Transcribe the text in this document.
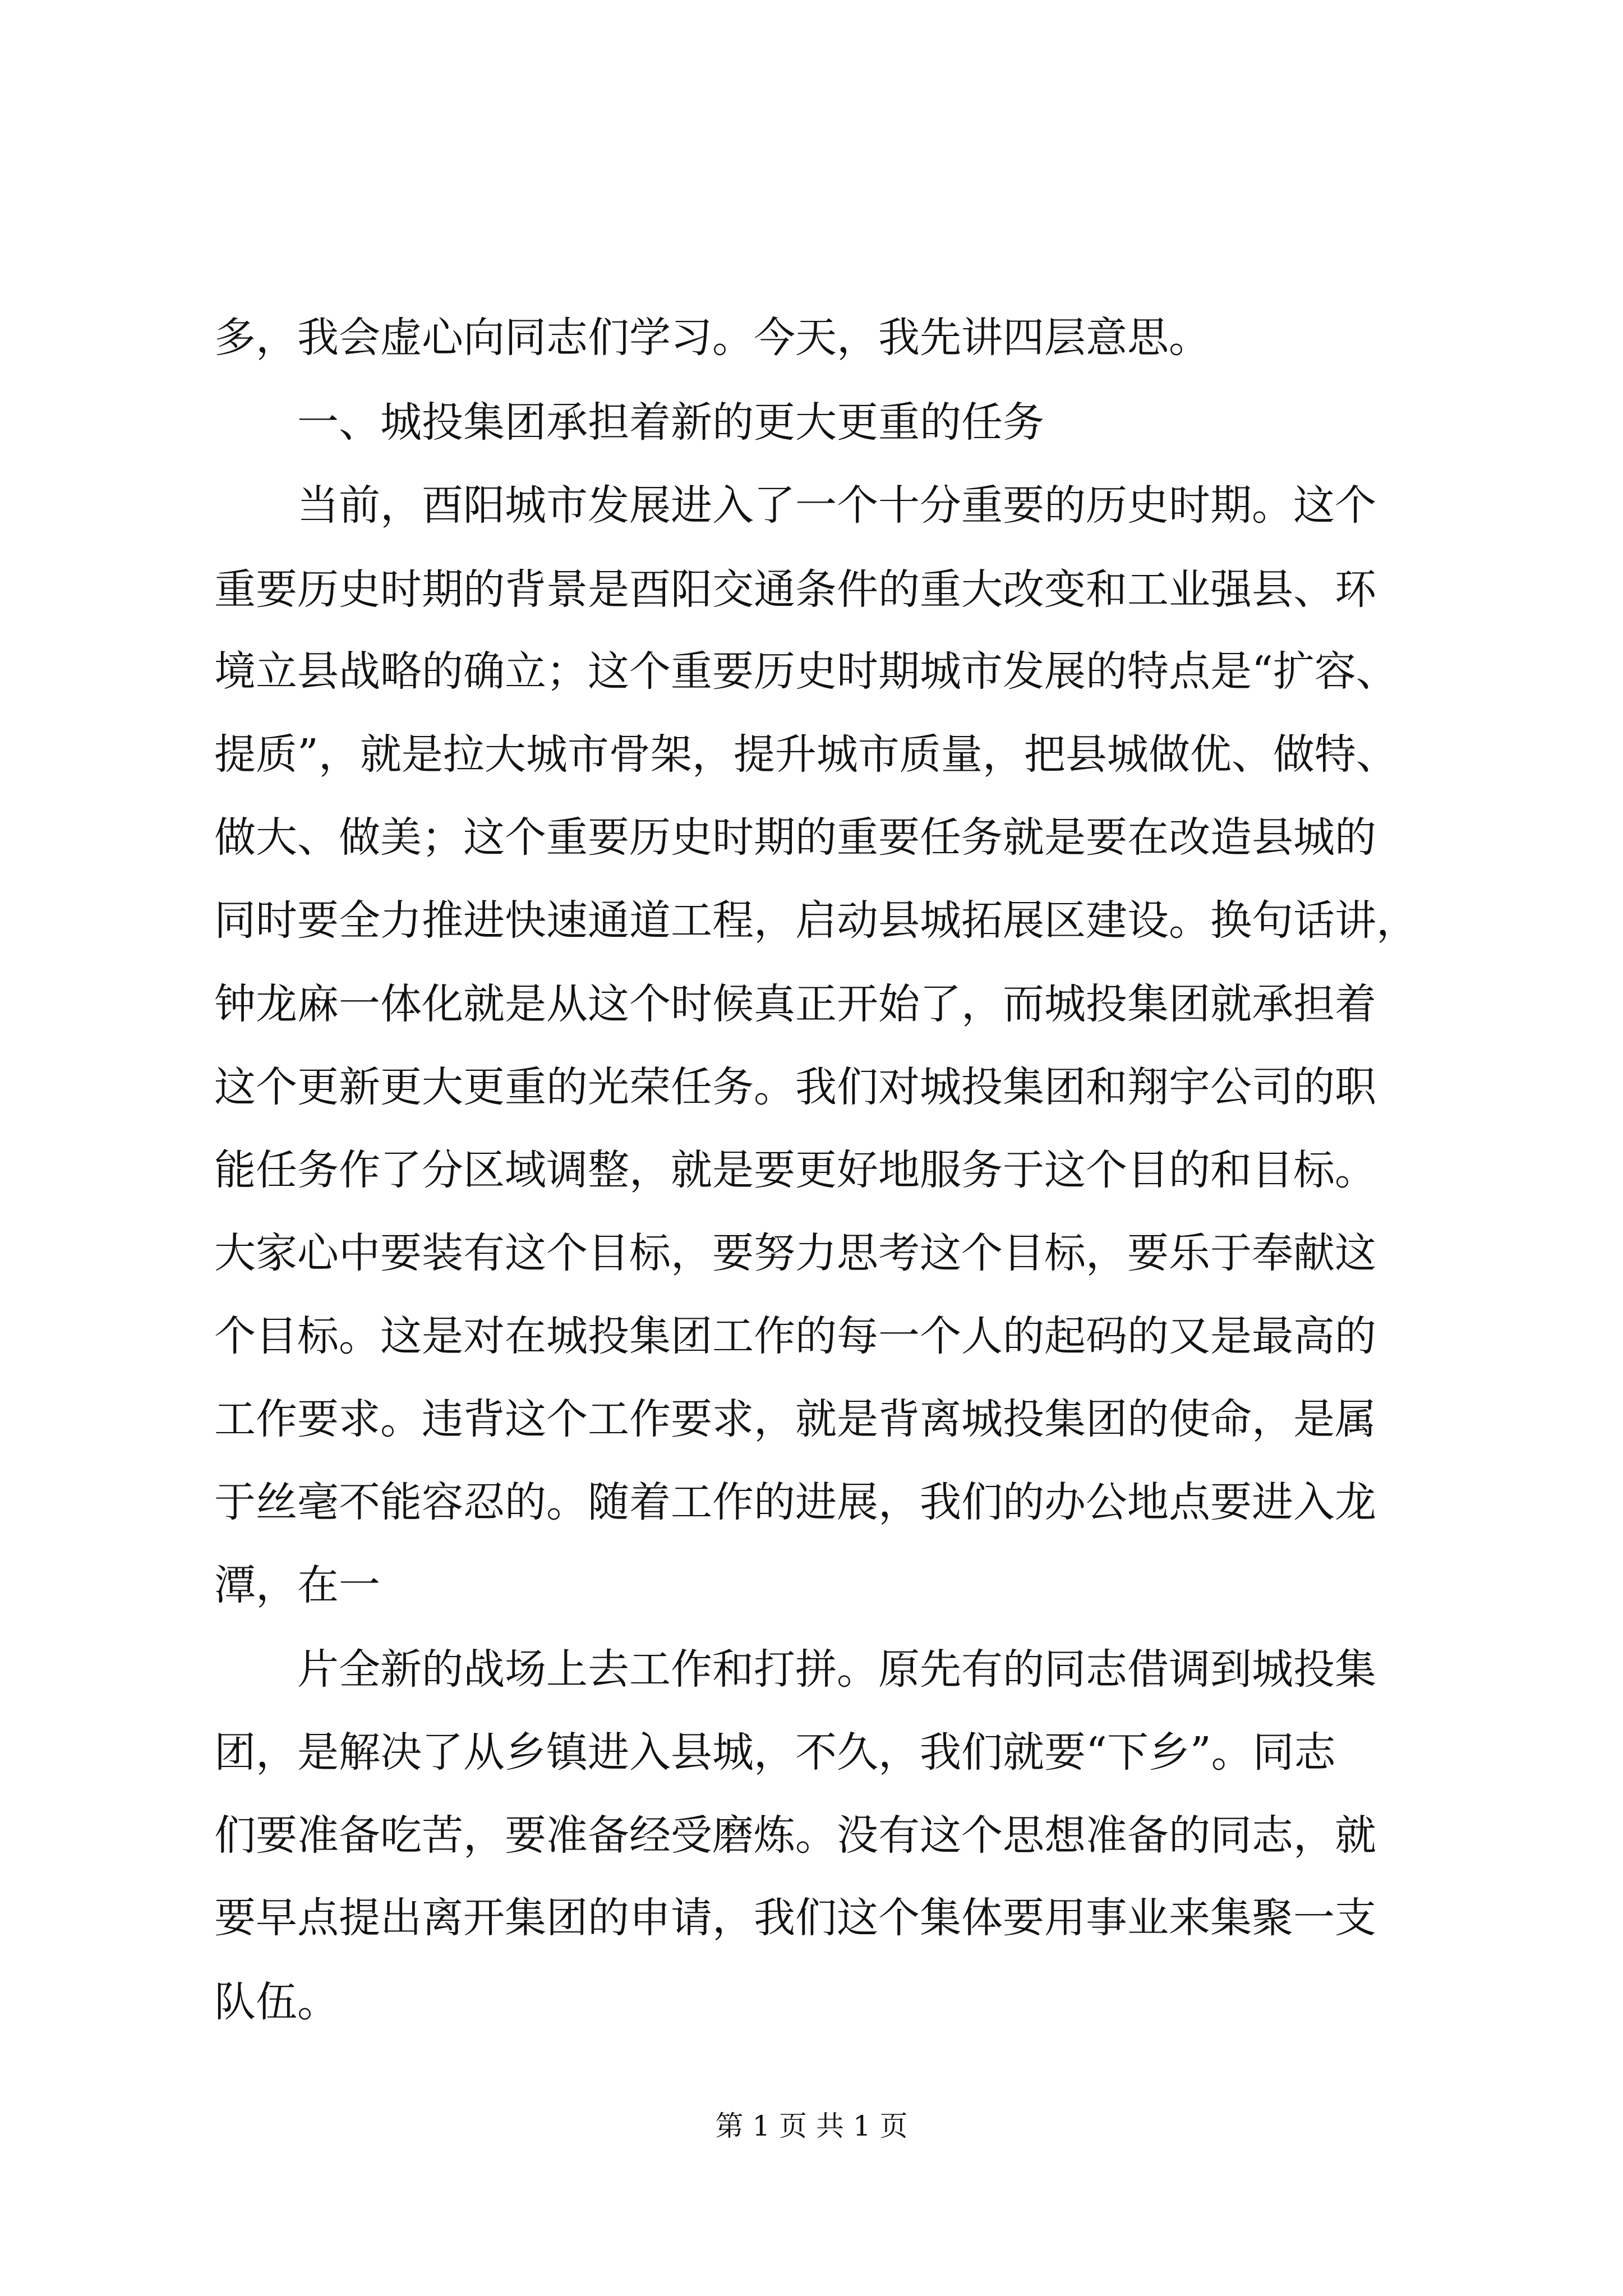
多，我会虚心向同志们学习。今天，我先讲四层意思。
一、城投集团承担着新的更大更重的任务
当前，酉阳城市发展进入了一个十分重要的历史时期。这个
重要历史时期的背景是酉阳交通条件的重大改变和工业强县、环
境立县战略的确立；这个重要历史时期城市发展的特点是“扩容、
提质”，就是拉大城市骨架，提升城市质量，把县城做优、做特、
做大、做美；这个重要历史时期的重要任务就是要在改造县城的
同时要全力推进快速通道工程，启动县城拓展区建设。换句话讲，
钟龙麻一体化就是从这个时候真正开始了，而城投集团就承担着
这个更新更大更重的光荣任务。我们对城投集团和翔宇公司的职
能任务作了分区域调整，就是要更好地服务于这个目的和目标。
大家心中要装有这个目标，要努力思考这个目标，要乐于奉献这
个目标。这是对在城投集团工作的每一个人的起码的又是最高的
工作要求。违背这个工作要求，就是背离城投集团的使命，是属
于丝毫不能容忍的。随着工作的进展，我们的办公地点要进入龙
潭，在一
片全新的战场上去工作和打拼。原先有的同志借调到城投集
团，是解决了从乡镇进入县城，不久，我们就要“下乡”。同志
们要准备吃苦，要准备经受磨炼。没有这个思想准备的同志，就
要早点提出离开集团的申请，我们这个集体要用事业来集聚一支
队伍。
第 1 页 共 1 页
